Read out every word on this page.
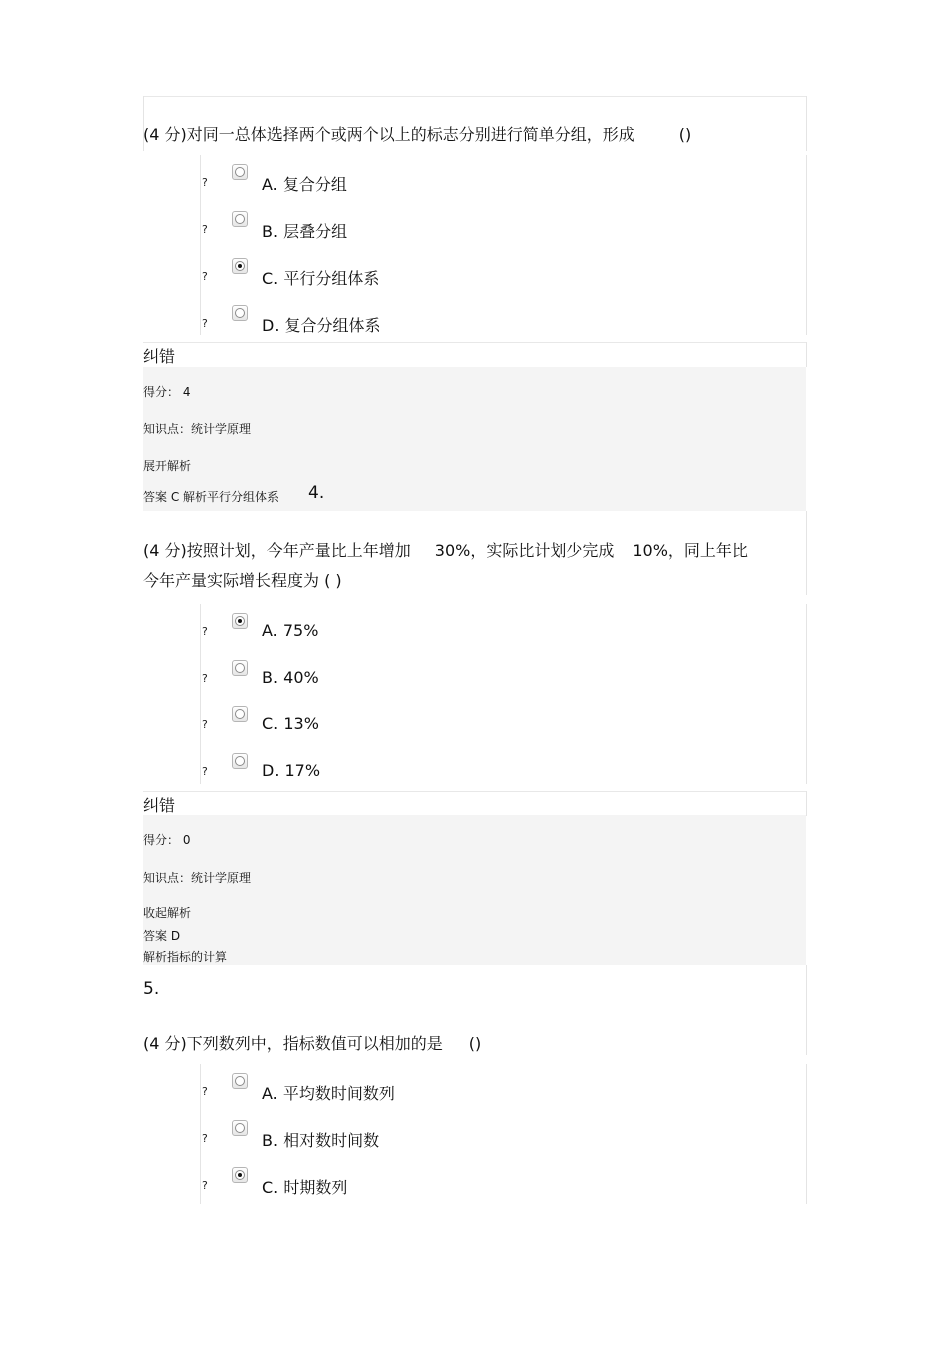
(4 分)对同一总体选择两个或两个以上的标志分别进行简单分组，形成	()
?	A. 复合分组
?	B. 层叠分组
?	C. 平行分组体系
?	D. 复合分组体系
纠错
得分： 4
知识点：统计学原理
展开解析
答案 C 解析平行分组体系 4.
(4 分)按照计划，今年产量比上年增加 30%，实际比计划少完成 10%，同上年比
今年产量实际增长程度为 ( )
?	A. 75%
?	B. 40%
?	C. 13%
?	D. 17%
纠错
得分： 0
知识点：统计学原理
收起解析
答案 D
解析指标的计算
5.
(4 分)下列数列中，指标数值可以相加的是 ()
?	A. 平均数时间数列
?	B. 相对数时间数
?	C. 时期数列
